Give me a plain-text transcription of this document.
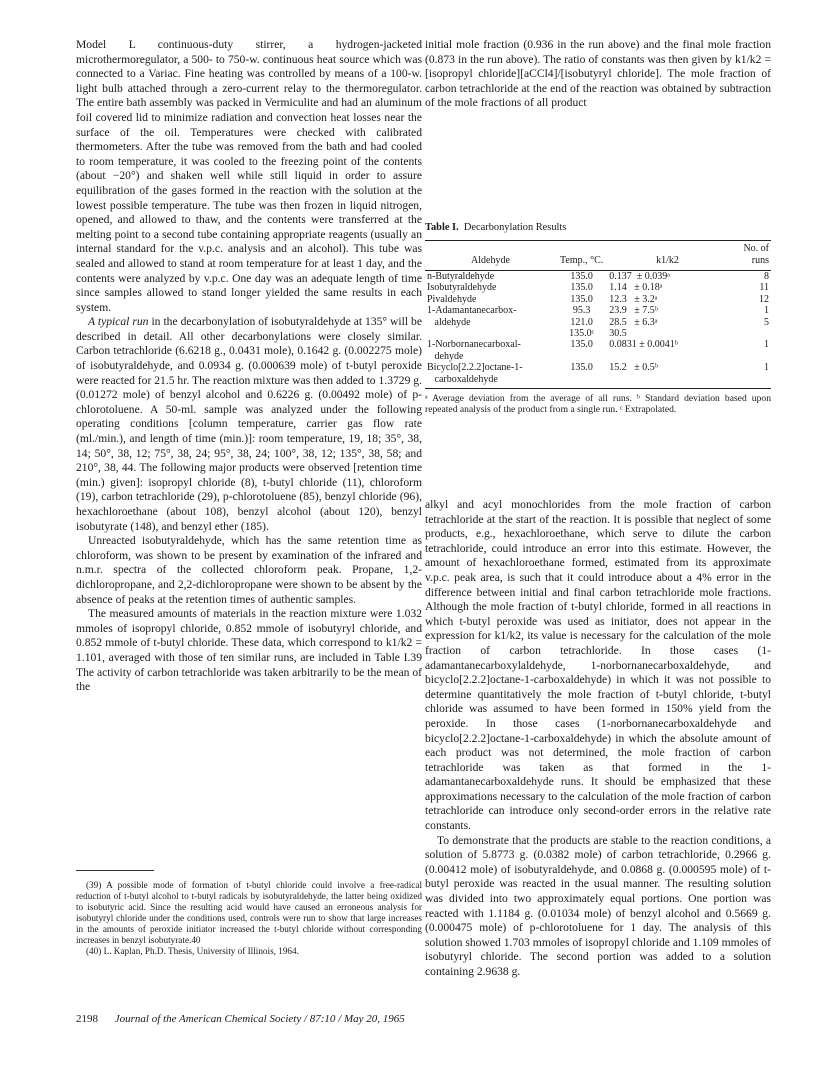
Model L continuous-duty stirrer, a hydrogen-jacketed microthermoregulator, a 500- to 750-w. continuous heat source which was connected to a Variac. Fine heating was controlled by means of a 100-w. light bulb attached through a zero-current relay to the thermoregulator. The entire bath assembly was packed in Vermiculite and had an aluminum foil covered lid to minimize radiation and convection heat losses near the surface of the oil. Temperatures were checked with calibrated thermometers. After the tube was removed from the bath and had cooled to room temperature, it was cooled to the freezing point of the contents (about −20°) and shaken well while still liquid in order to assure equilibration of the gases formed in the reaction with the solution at the lowest possible temperature. The tube was then frozen in liquid nitrogen, opened, and allowed to thaw, and the contents were transferred at the melting point to a second tube containing appropriate reagents (usually an internal standard for the v.p.c. analysis and an alcohol). This tube was sealed and allowed to stand at room temperature for at least 1 day, and the contents were analyzed by v.p.c. One day was an adequate length of time since samples allowed to stand longer yielded the same results in each system.

A typical run in the decarbonylation of isobutyraldehyde at 135° will be described in detail. All other decarbonylations were closely similar. Carbon tetrachloride (6.6218 g., 0.0431 mole), 0.1642 g. (0.002275 mole) of isobutyraldehyde, and 0.0934 g. (0.000639 mole) of t-butyl peroxide were reacted for 21.5 hr. The reaction mixture was then added to 1.3729 g. (0.01272 mole) of benzyl alcohol and 0.6226 g. (0.00492 mole) of p-chlorotoluene. A 50-ml. sample was analyzed under the following operating conditions [column temperature, carrier gas flow rate (ml./min.), and length of time (min.)]: room temperature, 19, 18; 35°, 38, 14; 50°, 38, 12; 75°, 38, 24; 95°, 38, 24; 100°, 38, 12; 135°, 38, 58; and 210°, 38, 44. The following major products were observed [retention time (min.) given]: isopropyl chloride (8), t-butyl chloride (11), chloroform (19), carbon tetrachloride (29), p-chlorotoluene (85), benzyl chloride (96), hexachloroethane (about 108), benzyl alcohol (about 120), benzyl isobutyrate (148), and benzyl ether (185).

Unreacted isobutyraldehyde, which has the same retention time as chloroform, was shown to be present by examination of the infrared and n.m.r. spectra of the collected chloroform peak. Propane, 1,2-dichloropropane, and 2,2-dichloropropane were shown to be absent by the absence of peaks at the retention times of authentic samples.

The measured amounts of materials in the reaction mixture were 1.032 mmoles of isopropyl chloride, 0.852 mmole of isobutyryl chloride, and 0.852 mmole of t-butyl chloride. These data, which correspond to k1/k2 = 1.101, averaged with those of ten similar runs, are included in Table I.39 The activity of carbon tetrachloride was taken arbitrarily to be the mean of the

(39) A possible mode of formation of t-butyl chloride could involve a free-radical reduction of t-butyl alcohol to t-butyl radicals by isobutyraldehyde, the latter being oxidized to isobutyric acid. Since the resulting acid would have caused an erroneous analysis for isobutyryl chloride under the conditions used, controls were run to show that large increases in the amounts of peroxide initiator increased the t-butyl chloride without corresponding increases in benzyl isobutyrate.40

(40) L. Kaplan, Ph.D. Thesis, University of Illinois, 1964.

initial mole fraction (0.936 in the run above) and the final mole fraction (0.873 in the run above). The ratio of constants was then given by k1/k2 = [isopropyl chloride][aCCl4]/[isobutyryl chloride]. The mole fraction of carbon tetrachloride at the end of the reaction was obtained by subtraction of the mole fractions of all product

Table I. Decarbonylation Results
Aldehyde	Temp., °C.	k1/k2	No. of runs

n-Butyraldehyde	135.0	0.137  ± 0.039ᵃ	8
Isobutyraldehyde	135.0	1.14   ± 0.18ᵃ	11
Pivaldehyde	135.0	12.3   ± 3.2ᵃ	12
1-Adamantanecarbox-	95.3	23.9   ± 7.5ᵇ	1
aldehyde	121.0	28.5   ± 6.3ᵃ	5
	135.0ᶜ	30.5	
1-Norbornanecarboxal-	135.0	0.0831 ± 0.0041ᵇ	1
dehyde			
Bicyclo[2.2.2]octane-1-	135.0	15.2   ± 0.5ᵇ	1
carboxaldehyde			
ᵃ Average deviation from the average of all runs. ᵇ Standard deviation based upon repeated analysis of the product from a single run. ᶜ Extrapolated.

alkyl and acyl monochlorides from the mole fraction of carbon tetrachloride at the start of the reaction. It is possible that neglect of some products, e.g., hexachloroethane, which serve to dilute the carbon tetrachloride, could introduce an error into this estimate. However, the amount of hexachloroethane formed, estimated from its approximate v.p.c. peak area, is such that it could introduce about a 4% error in the difference between initial and final carbon tetrachloride mole fractions. Although the mole fraction of t-butyl chloride, formed in all reactions in which t-butyl peroxide was used as initiator, does not appear in the expression for k1/k2, its value is necessary for the calculation of the mole fraction of carbon tetrachloride. In those cases (1-adamantanecarboxylaldehyde, 1-norbornanecarboxaldehyde, and bicyclo[2.2.2]octane-1-carboxaldehyde) in which it was not possible to determine quantitatively the mole fraction of t-butyl chloride, t-butyl chloride was assumed to have been formed in 150% yield from the peroxide. In those cases (1-norbornanecarboxaldehyde and bicyclo[2.2.2]octane-1-carboxaldehyde) in which the absolute amount of each product was not determined, the mole fraction of carbon tetrachloride was taken as that formed in the 1-adamantanecarboxaldehyde runs. It should be emphasized that these approximations necessary to the calculation of the mole fraction of carbon tetrachloride can introduce only second-order errors in the relative rate constants.

To demonstrate that the products are stable to the reaction conditions, a solution of 5.8773 g. (0.0382 mole) of carbon tetrachloride, 0.2966 g. (0.00412 mole) of isobutyraldehyde, and 0.0868 g. (0.000595 mole) of t-butyl peroxide was reacted in the usual manner. The resulting solution was divided into two approximately equal portions. One portion was reacted with 1.1184 g. (0.01034 mole) of benzyl alcohol and 0.5669 g. (0.000475 mole) of p-chlorotoluene for 1 day. The analysis of this solution showed 1.703 mmoles of isopropyl chloride and 1.109 mmoles of isobutyryl chloride. The second portion was added to a solution containing 2.9638 g.

2198 Journal of the American Chemical Society / 87:10 / May 20, 1965
